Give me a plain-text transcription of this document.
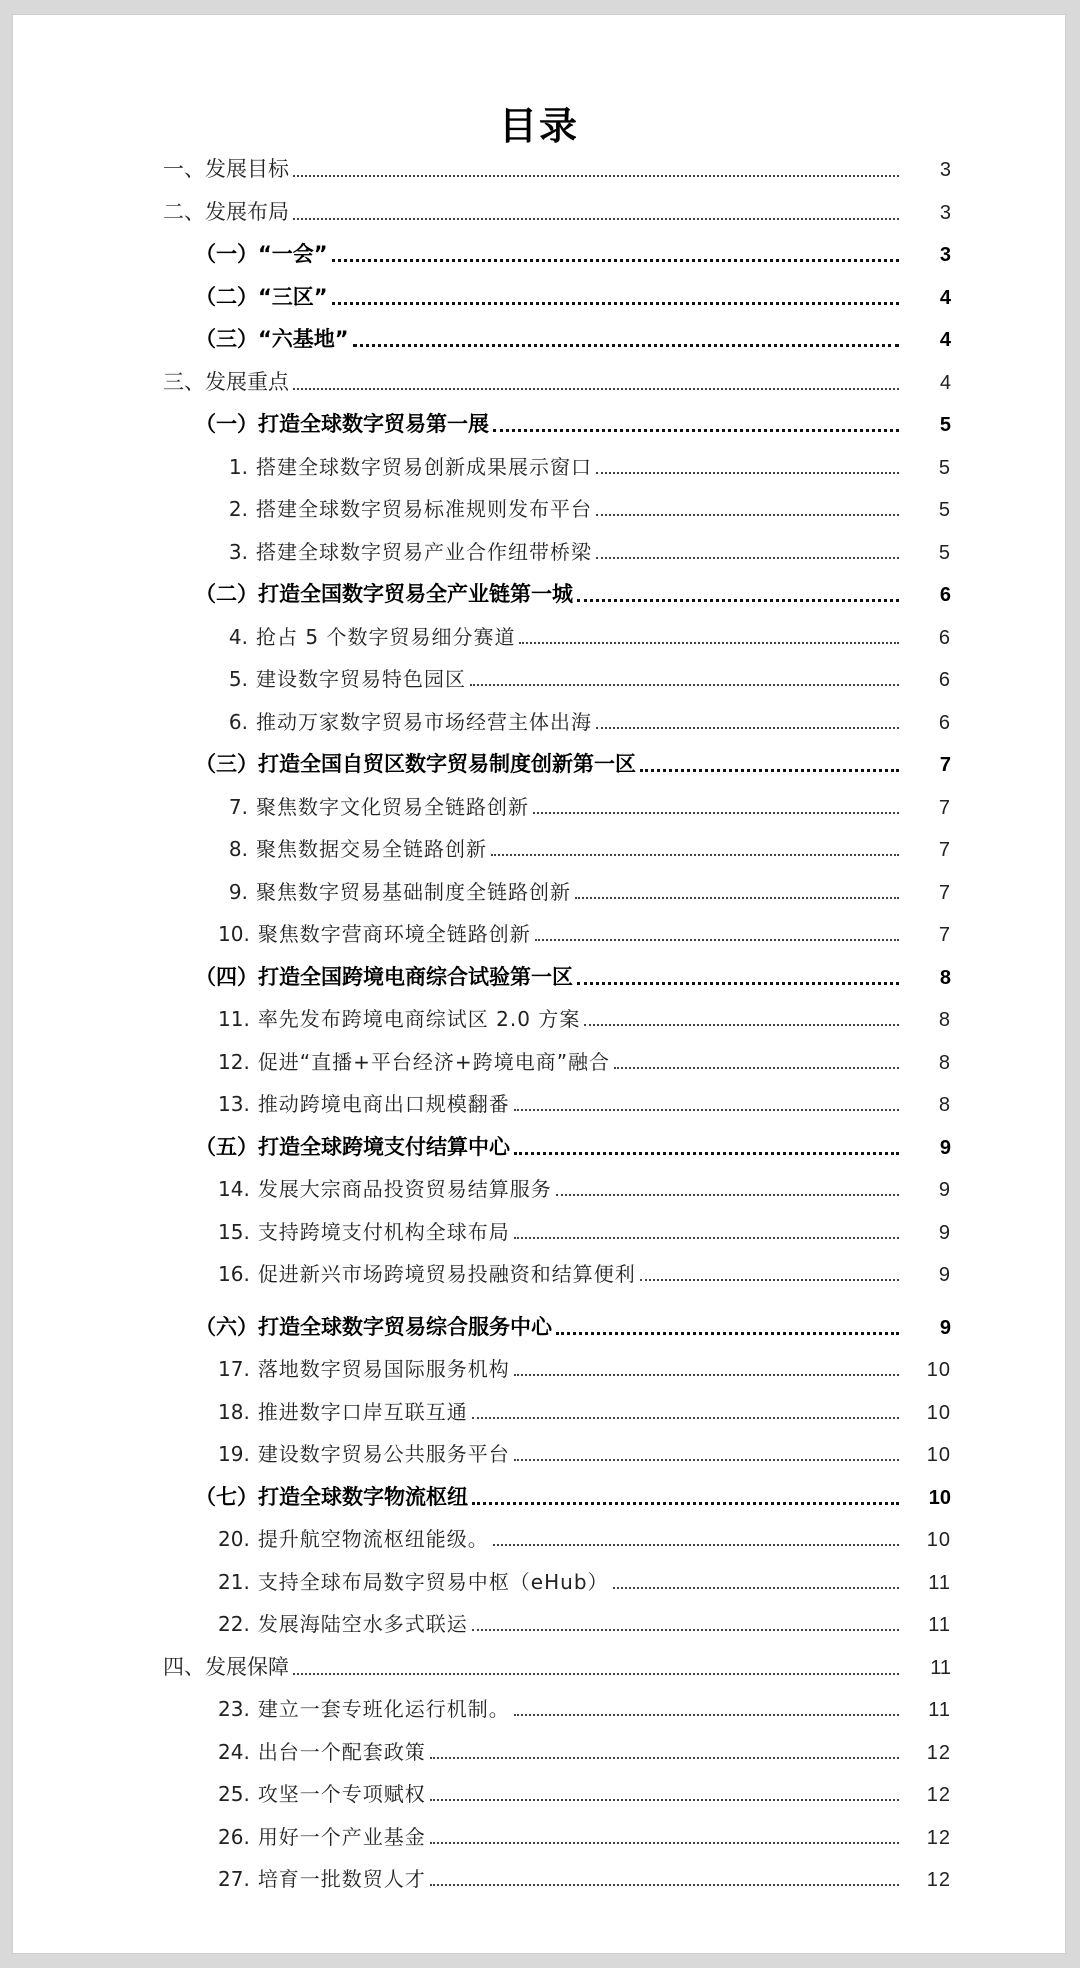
目录
一、发展目标	3
二、发展布局	3
（一）“一会”	3
（二）“三区”	4
（三）“六基地”	4
三、发展重点	4
（一）打造全球数字贸易第一展	5
1. 搭建全球数字贸易创新成果展示窗口	5
2. 搭建全球数字贸易标准规则发布平台	5
3. 搭建全球数字贸易产业合作纽带桥梁	5
（二）打造全国数字贸易全产业链第一城	6
4. 抢占 5 个数字贸易细分赛道	6
5. 建设数字贸易特色园区	6
6. 推动万家数字贸易市场经营主体出海	6
（三）打造全国自贸区数字贸易制度创新第一区	7
7. 聚焦数字文化贸易全链路创新	7
8. 聚焦数据交易全链路创新	7
9. 聚焦数字贸易基础制度全链路创新	7
10. 聚焦数字营商环境全链路创新	7
（四）打造全国跨境电商综合试验第一区	8
11. 率先发布跨境电商综试区 2.0 方案	8
12. 促进“直播+平台经济+跨境电商”融合	8
13. 推动跨境电商出口规模翻番	8
（五）打造全球跨境支付结算中心	9
14. 发展大宗商品投资贸易结算服务	9
15. 支持跨境支付机构全球布局	9
16. 促进新兴市场跨境贸易投融资和结算便利	9
（六）打造全球数字贸易综合服务中心	9
17. 落地数字贸易国际服务机构	10
18. 推进数字口岸互联互通	10
19. 建设数字贸易公共服务平台	10
（七）打造全球数字物流枢纽	10
20. 提升航空物流枢纽能级。	10
21. 支持全球布局数字贸易中枢（eHub）	11
22. 发展海陆空水多式联运	11
四、发展保障	11
23. 建立一套专班化运行机制。	11
24. 出台一个配套政策	12
25. 攻坚一个专项赋权	12
26. 用好一个产业基金	12
27. 培育一批数贸人才	12
